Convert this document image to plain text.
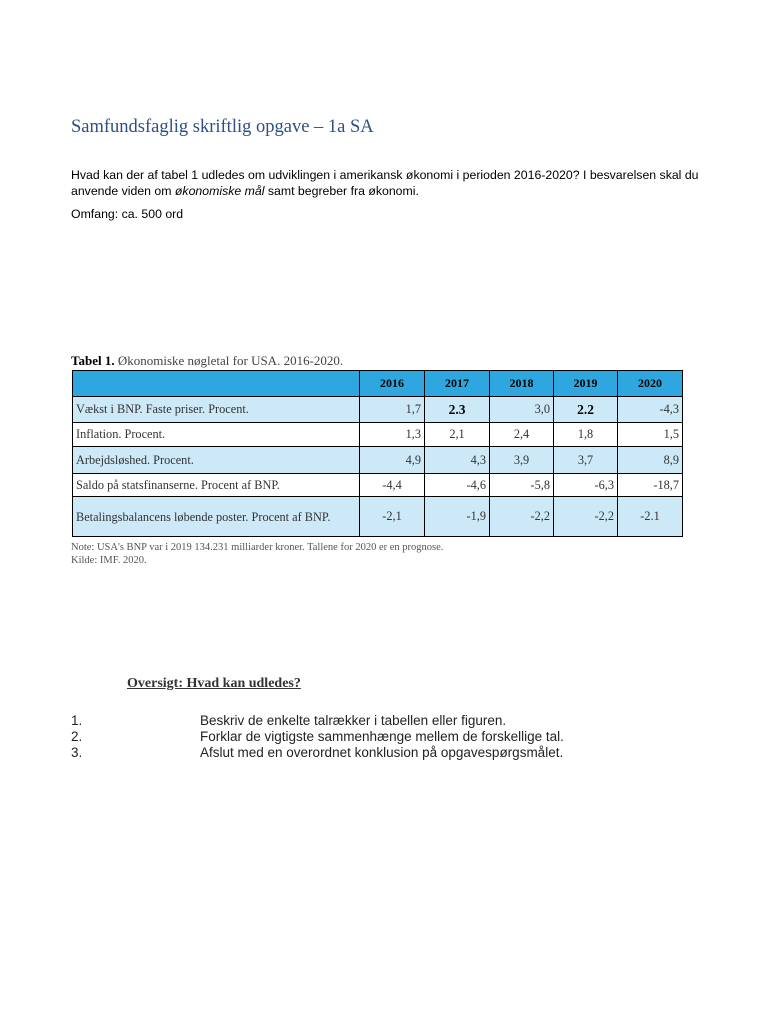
Samfundsfaglig skriftlig opgave – 1a SA

Hvad kan der af tabel 1 udledes om udviklingen i amerikansk økonomi i perioden 2016-2020? I besvarelsen skal du anvende viden om økonomiske mål samt begreber fra økonomi.

Omfang: ca. 500 ord
Tabel 1. Økonomiske nøgletal for USA. 2016-2020.
	2016	2017	2018	2019	2020
Vækst i BNP. Faste priser. Procent.	1,7	2.3	3,0	2.2	-4,3
Inflation. Procent.	1,3	2,1	2,4	1,8	1,5
Arbejdsløshed. Procent.	4,9	4,3	3,9	3,7	8,9
Saldo på statsfinanserne. Procent af BNP.	-4,4	-4,6	-5,8	-6,3	-18,7
Betalingsbalancens løbende poster. Procent af BNP.	-2,1	-1,9	-2,2	-2,2	-2.1
Note: USA's BNP var i 2019 134.231 milliarder kroner. Tallene for 2020 er en prognose.
Kilde: IMF. 2020.
Oversigt: Hvad kan udledes?
1.	Beskriv de enkelte talrækker i tabellen eller figuren.
2.	Forklar de vigtigste sammenhænge mellem de forskellige tal.
3.	Afslut med en overordnet konklusion på opgavespørgsmålet.
